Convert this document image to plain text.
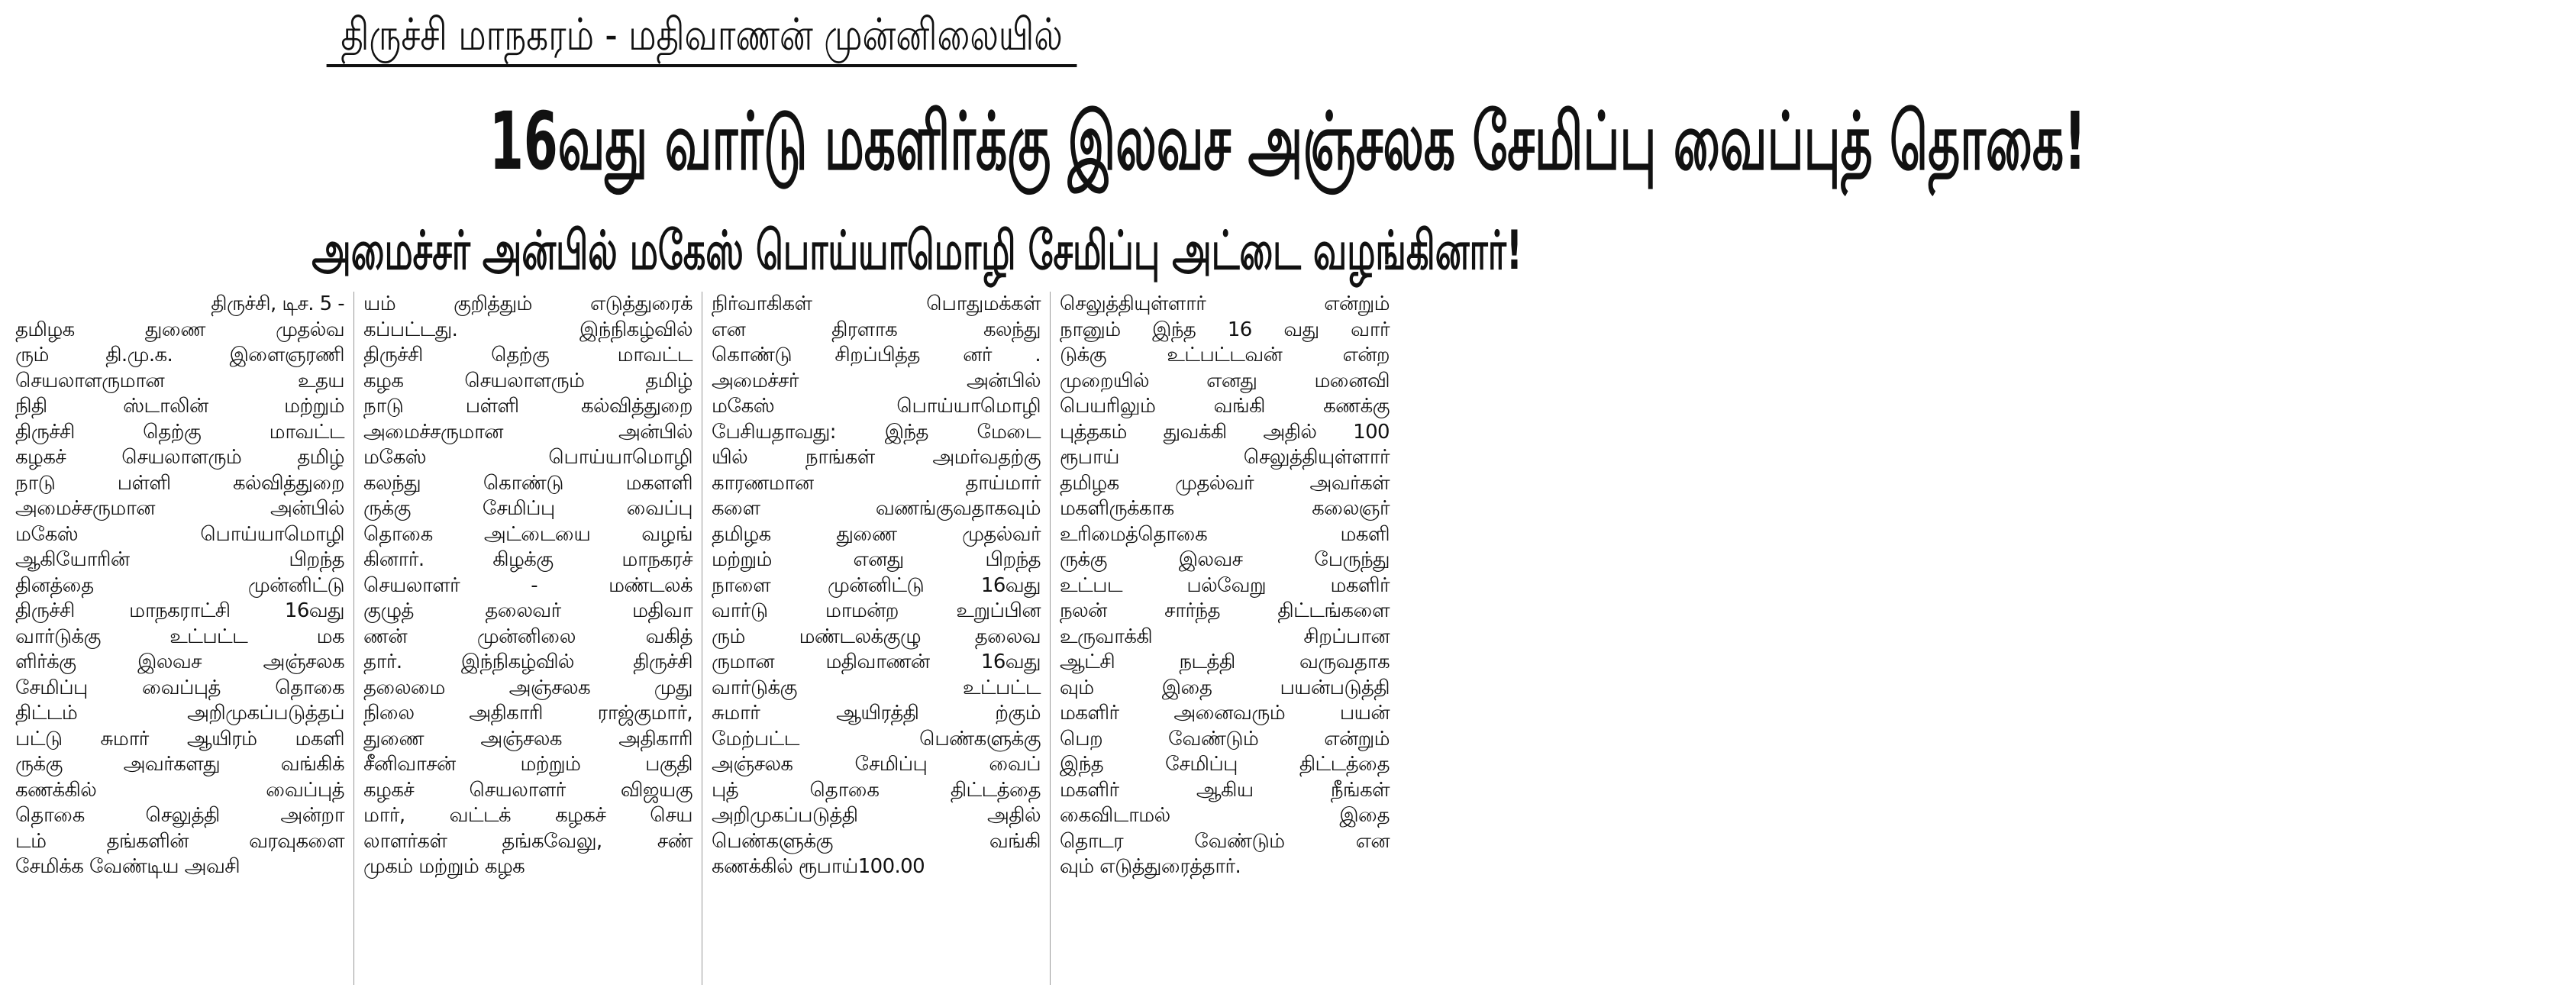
திருச்சி மாநகரம் - மதிவாணன் முன்னிலையில்
16வது வார்டு மகளிர்க்கு இலவச அஞ்சலக சேமிப்பு வைப்புத் தொகை!
அமைச்சர் அன்பில் மகேஸ் பொய்யாமொழி சேமிப்பு அட்டை வழங்கினார்!
திருச்சி, டிச. 5 -
தமிழக துணை முதல்வ
ரும் தி.மு.க. இளைஞரணி
செயலாளருமான உதய
நிதி ஸ்டாலின் மற்றும்
திருச்சி தெற்கு மாவட்ட
கழகச் செயலாளரும் தமிழ்
நாடு பள்ளி கல்வித்துறை
அமைச்சருமான அன்பில்
மகேஸ் பொய்யாமொழி
ஆகியோரின் பிறந்த
தினத்தை முன்னிட்டு
திருச்சி மாநகராட்சி 16வது
வார்டுக்கு உட்பட்ட மக
ளிர்க்கு இலவச அஞ்சலக
சேமிப்பு வைப்புத் தொகை
திட்டம் அறிமுகப்படுத்தப்
பட்டு சுமார் ஆயிரம் மகளி
ருக்கு அவர்களது வங்கிக்
கணக்கில் வைப்புத்
தொகை செலுத்தி அன்றா
டம் தங்களின் வரவுகளை
சேமிக்க வேண்டிய அவசி
யம் குறித்தும் எடுத்துரைக்
கப்பட்டது. இந்நிகழ்வில்
திருச்சி தெற்கு மாவட்ட
கழக செயலாளரும் தமிழ்
நாடு பள்ளி கல்வித்துறை
அமைச்சருமான அன்பில்
மகேஸ் பொய்யாமொழி
கலந்து கொண்டு மகளளி
ருக்கு சேமிப்பு வைப்பு
தொகை அட்டையை வழங்
கினார். கிழக்கு மாநகரச்
செயலாளர் - மண்டலக்
குழுத் தலைவர் மதிவா
ணன் முன்னிலை வகித்
தார். இந்நிகழ்வில் திருச்சி
தலைமை அஞ்சலக முது
நிலை அதிகாரி ராஜ்குமார்,
துணை அஞ்சலக அதிகாரி
சீனிவாசன் மற்றும் பகுதி
கழகச் செயலாளர் விஜயகு
மார், வட்டக் கழகச் செய
லாளர்கள் தங்கவேலு, சண்
முகம் மற்றும் கழக
நிர்வாகிகள் பொதுமக்கள்
என திரளாக கலந்து
கொண்டு சிறப்பித்த னர் .
அமைச்சர் அன்பில்
மகேஸ் பொய்யாமொழி
பேசியதாவது: இந்த மேடை
யில் நாங்கள் அமர்வதற்கு
காரணமான தாய்மார்
களை வணங்குவதாகவும்
தமிழக துணை முதல்வர்
மற்றும் எனது பிறந்த
நாளை முன்னிட்டு 16வது
வார்டு மாமன்ற உறுப்பின
ரும் மண்டலக்குழு தலைவ
ருமான மதிவாணன் 16வது
வார்டுக்கு உட்பட்ட
சுமார் ஆயிரத்தி ற்கும்
மேற்பட்ட பெண்களுக்கு
அஞ்சலக சேமிப்பு வைப்
புத் தொகை திட்டத்தை
அறிமுகப்படுத்தி அதில்
பெண்களுக்கு வங்கி
கணக்கில் ரூபாய்100.00
செலுத்தியுள்ளார் என்றும்
நானும் இந்த 16 வது வார்
டுக்கு உட்பட்டவன் என்ற
முறையில் எனது மனைவி
பெயரிலும் வங்கி கணக்கு
புத்தகம் துவக்கி அதில் 100
ரூபாய் செலுத்தியுள்ளார்
தமிழக முதல்வர் அவர்கள்
மகளிருக்காக கலைஞர்
உரிமைத்தொகை மகளி
ருக்கு இலவச பேருந்து
உட்பட பல்வேறு மகளிர்
நலன் சார்ந்த திட்டங்களை
உருவாக்கி சிறப்பான
ஆட்சி நடத்தி வருவதாக
வும் இதை பயன்படுத்தி
மகளிர் அனைவரும் பயன்
பெற வேண்டும் என்றும்
இந்த சேமிப்பு திட்டத்தை
மகளிர் ஆகிய நீங்கள்
கைவிடாமல் இதை
தொடர வேண்டும் என
வும் எடுத்துரைத்தார்.
